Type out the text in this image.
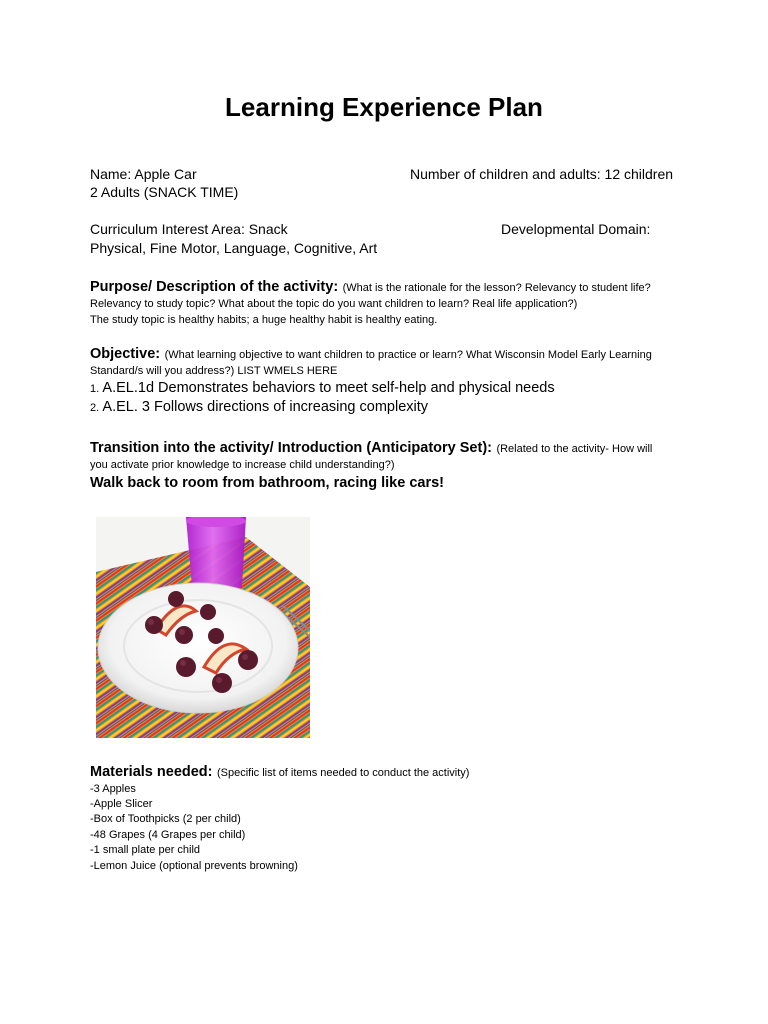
Learning Experience Plan
Name: Apple Car	Number of children and adults: 12 children
2 Adults (SNACK TIME)
Curriculum Interest Area: Snack	Developmental Domain:
Physical, Fine Motor, Language, Cognitive, Art
Purpose/ Description of the activity: (What is the rationale for the lesson? Relevancy to student life?
Relevancy to study topic? What about the topic do you want children to learn? Real life application?)
The study topic is healthy habits; a huge healthy habit is healthy eating.
Objective: (What learning objective to want children to practice or learn? What Wisconsin Model Early Learning
Standard/s will you address?) LIST WMELS HERE
1. A.EL.1d Demonstrates behaviors to meet self-help and physical needs
2. A.EL. 3 Follows directions of increasing complexity
Transition into the activity/ Introduction (Anticipatory Set): (Related to the activity- How will
you activate prior knowledge to increase child understanding?)
Walk back to room from bathroom, racing like cars!
Materials needed: (Specific list of items needed to conduct the activity)
-3 Apples
-Apple Slicer
-Box of Toothpicks (2 per child)
-48 Grapes (4 Grapes per child)
-1 small plate per child
-Lemon Juice (optional prevents browning)
